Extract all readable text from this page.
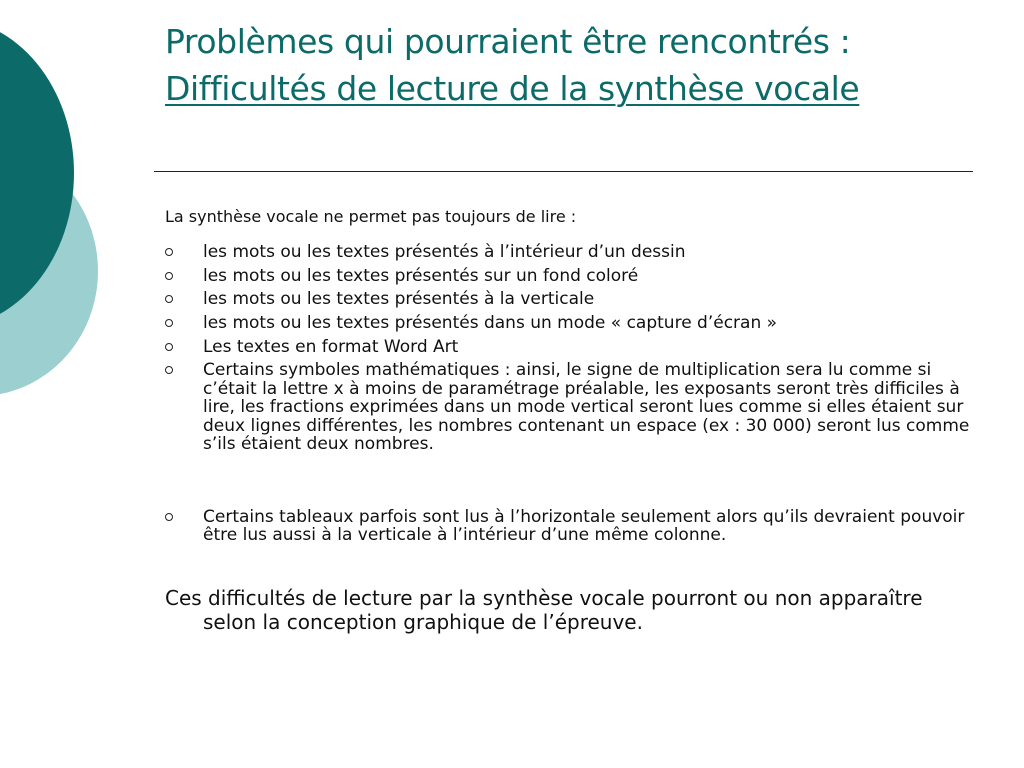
Problèmes qui pourraient être rencontrés :
Difficultés de lecture de la synthèse vocale

La synthèse vocale ne permet pas toujours de lire :

les mots ou les textes présentés à l’intérieur d’un dessin
les mots ou les textes présentés sur un fond coloré
les mots ou les textes présentés à la verticale
les mots ou les textes présentés dans un mode « capture d’écran »
Les textes en format Word Art
Certains symboles mathématiques : ainsi, le signe de multiplication sera lu comme si c’était la lettre x à moins de paramétrage préalable, les exposants seront très difficiles à lire, les fractions exprimées dans un mode vertical seront lues comme si elles étaient sur deux lignes différentes, les nombres contenant un espace (ex : 30 000) seront lus comme s’ils étaient deux nombres.
Certains tableaux parfois sont lus à l’horizontale seulement alors qu’ils devraient pouvoir être lus aussi à la verticale à l’intérieur d’une même colonne.

Ces difficultés de lecture par la synthèse vocale pourront ou non apparaître selon la conception graphique de l’épreuve.
